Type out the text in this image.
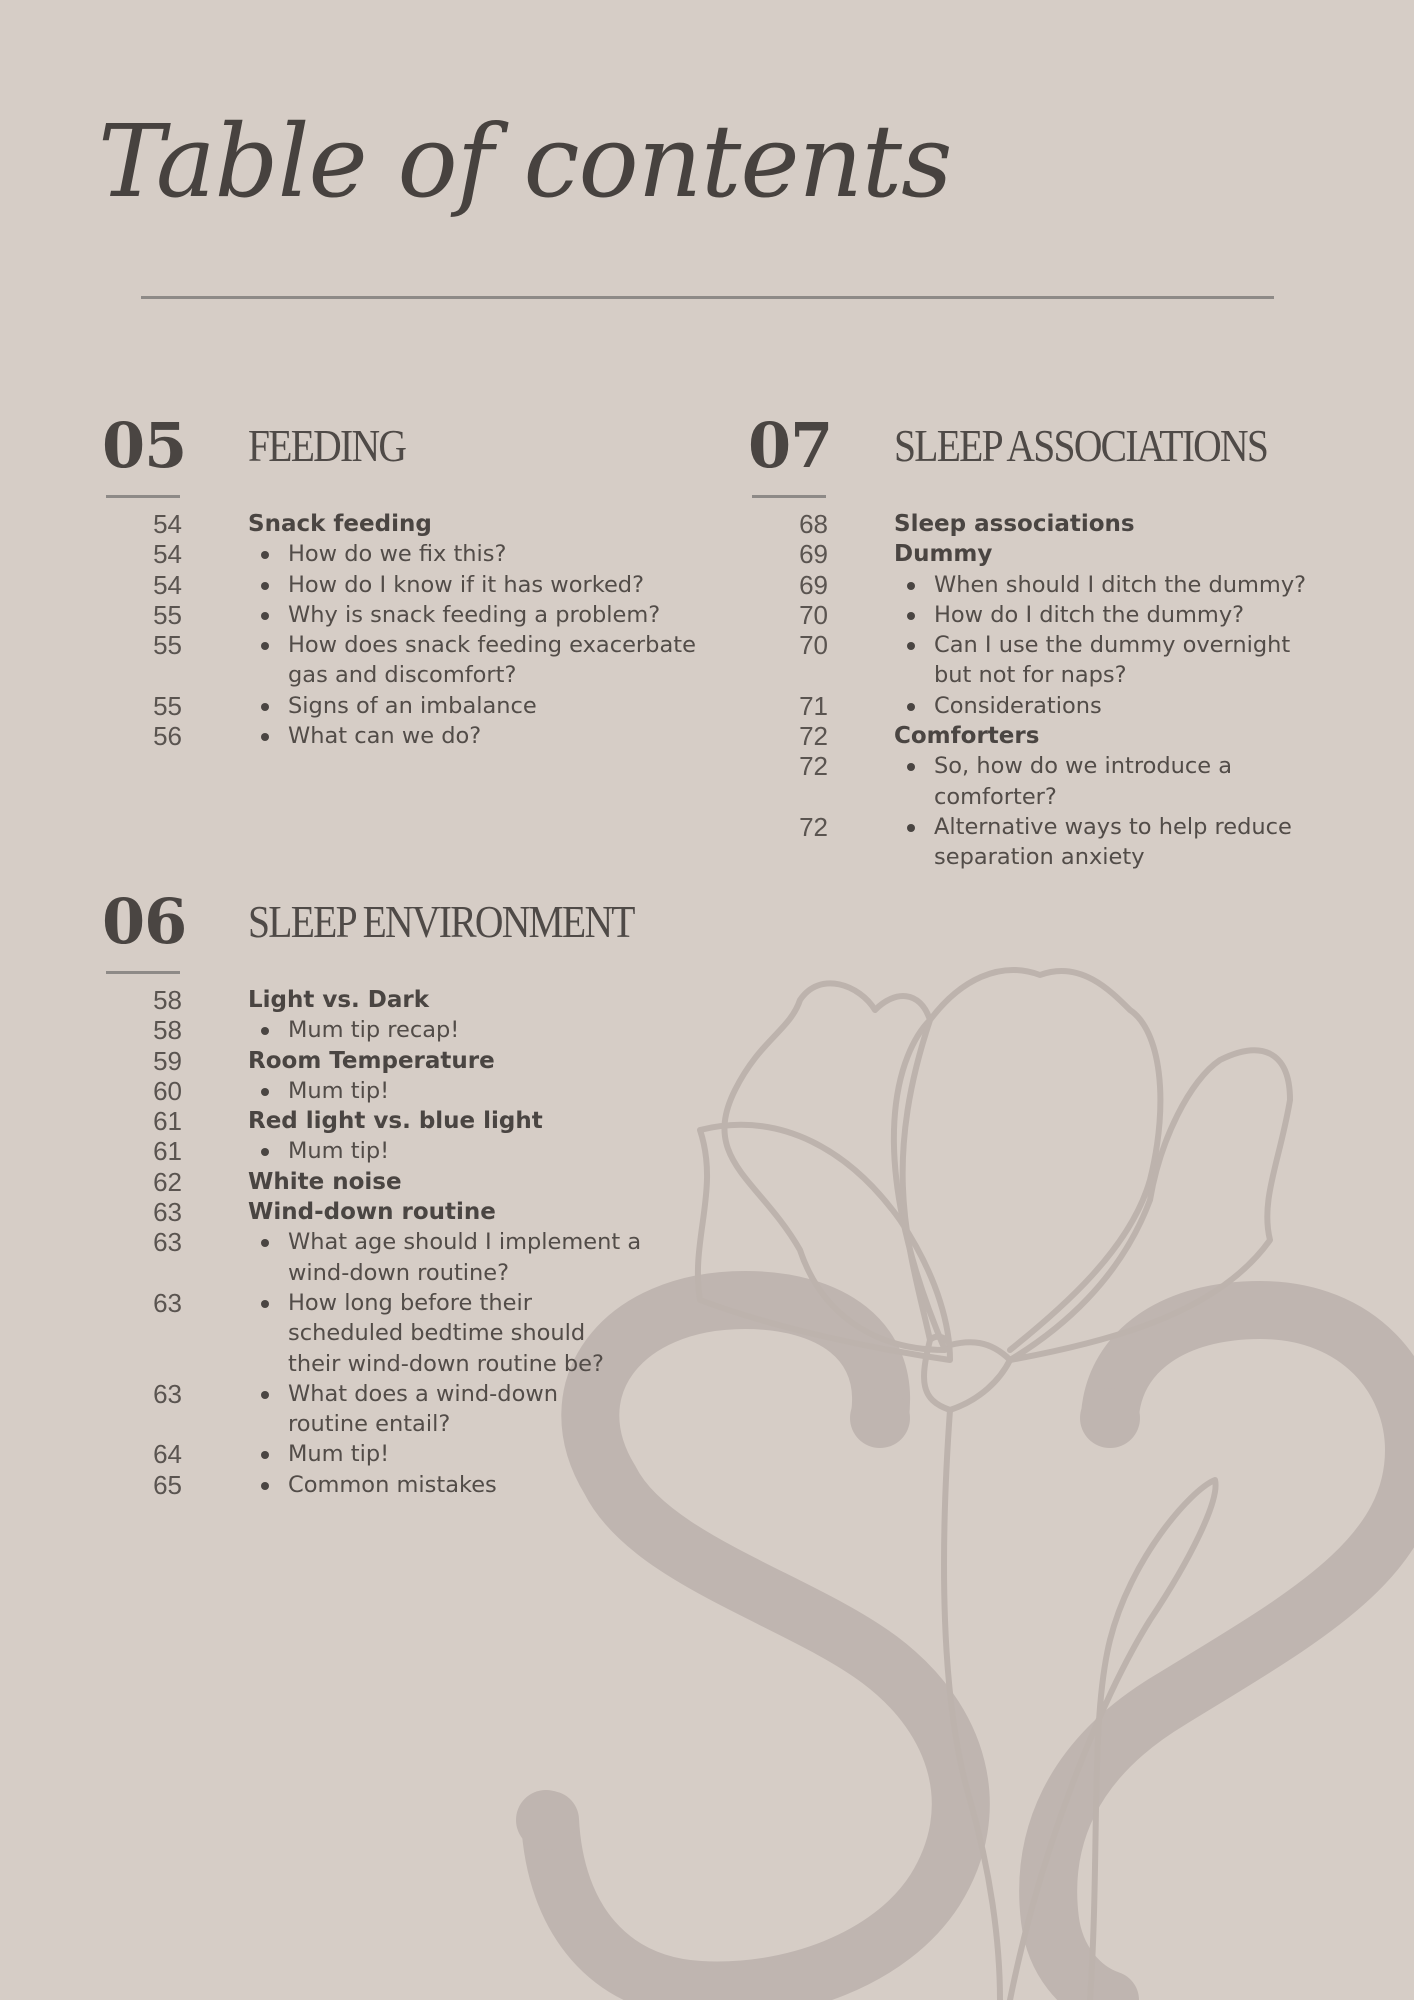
Table of contents
05 FEEDING
54	Snack feeding
54	How do we fix this?
54	How do I know if it has worked?
55	Why is snack feeding a problem?
55	How does snack feeding exacerbate gas and discomfort?
55	Signs of an imbalance
56	What can we do?
06 SLEEP ENVIRONMENT
58	Light vs. Dark
58	Mum tip recap!
59	Room Temperature
60	Mum tip!
61	Red light vs. blue light
61	Mum tip!
62	White noise
63	Wind-down routine
63	What age should I implement a wind-down routine?
63	How long before their scheduled bedtime should their wind-down routine be?
63	What does a wind-down routine entail?
64	Mum tip!
65	Common mistakes
07 SLEEP ASSOCIATIONS
68	Sleep associations
69	Dummy
69	When should I ditch the dummy?
70	How do I ditch the dummy?
70	Can I use the dummy overnight but not for naps?
71	Considerations
72	Comforters
72	So, how do we introduce a comforter?
72	Alternative ways to help reduce separation anxiety
